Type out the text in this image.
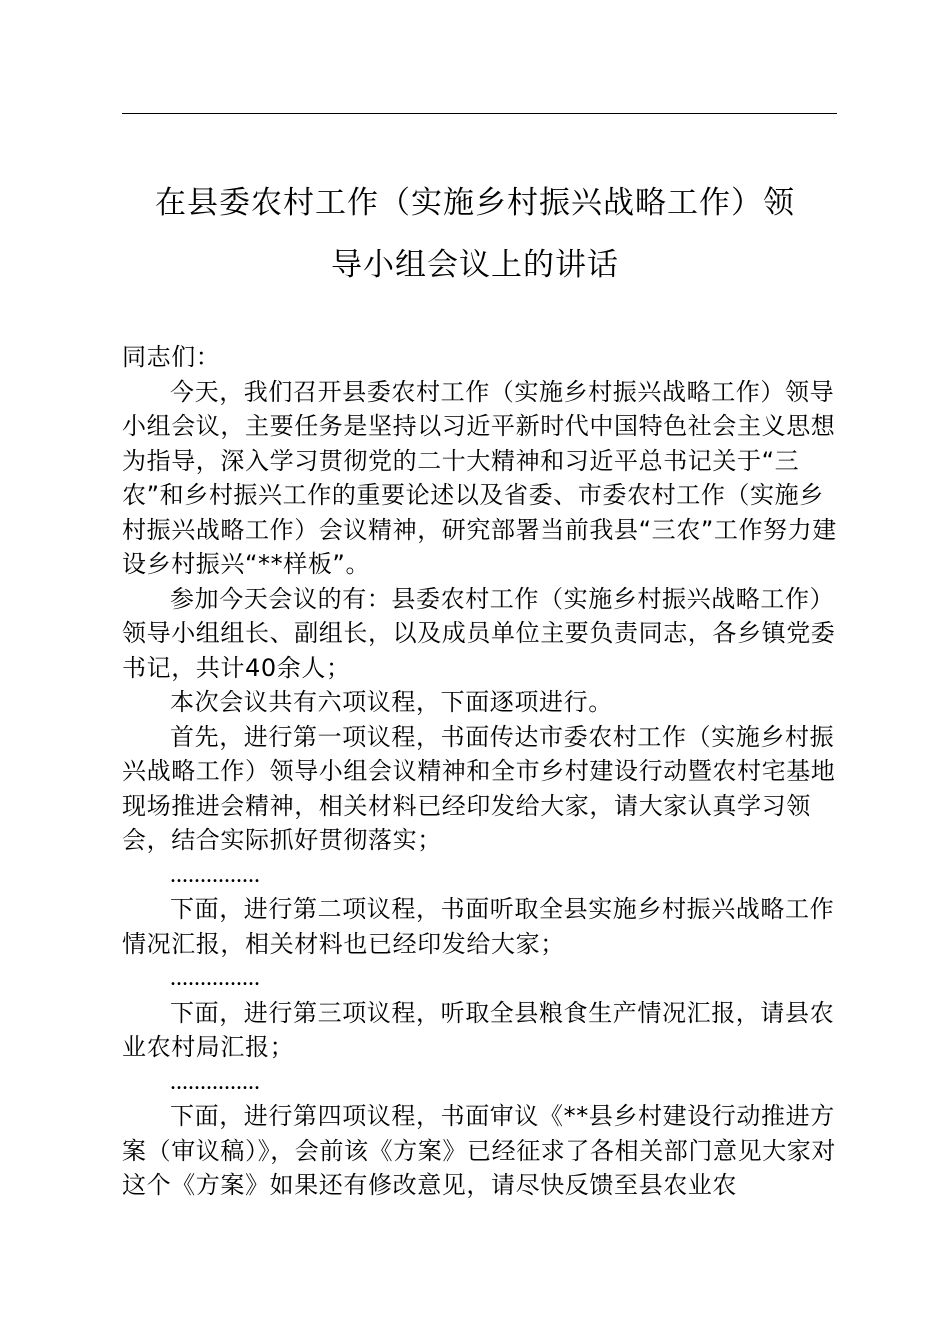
在县委农村工作（实施乡村振兴战略工作）领
导小组会议上的讲话

同志们：

今天，我们召开县委农村工作（实施乡村振兴战略工作）领导小组会议，主要任务是坚持以习近平新时代中国特色社会主义思想为指导，深入学习贯彻党的二十大精神和习近平总书记关于“三农”和乡村振兴工作的重要论述以及省委、市委农村工作（实施乡村振兴战略工作）会议精神，研究部署当前我县“三农”工作努力建设乡村振兴“**样板”。

参加今天会议的有：县委农村工作（实施乡村振兴战略工作）领导小组组长、副组长，以及成员单位主要负责同志，各乡镇党委书记，共计40余人；

本次会议共有六项议程，下面逐项进行。

首先，进行第一项议程，书面传达市委农村工作（实施乡村振兴战略工作）领导小组会议精神和全市乡村建设行动暨农村宅基地现场推进会精神，相关材料已经印发给大家，请大家认真学习领会，结合实际抓好贯彻落实；

...............

下面，进行第二项议程，书面听取全县实施乡村振兴战略工作情况汇报，相关材料也已经印发给大家；

...............

下面，进行第三项议程，听取全县粮食生产情况汇报，请县农业农村局汇报；

...............

下面，进行第四项议程，书面审议《**县乡村建设行动推进方案（审议稿）》，会前该《方案》已经征求了各相关部门意见大家对这个《方案》如果还有修改意见，请尽快反馈至县农业农
